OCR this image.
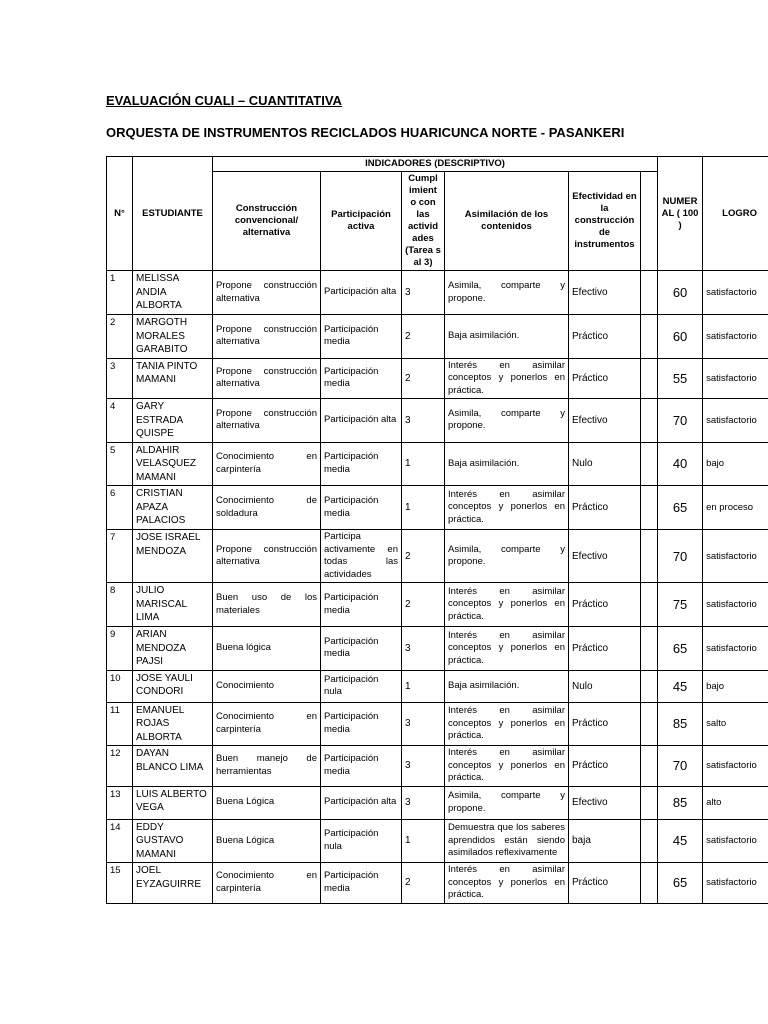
EVALUACIÓN CUALI – CUANTITATIVA
ORQUESTA DE INSTRUMENTOS RECICLADOS HUARICUNCA NORTE - PASANKERI
N°	ESTUDIANTE	INDICADORES (DESCRIPTIVO)						NUMER AL ( 100 )	LOGRO
		Construcción convencional/ alternativa	Participación activa	Cumpl imient o con las activid ades (Tarea s al 3)	Asimilación de los contenidos	Efectividad en la construcción de instrumentos			
1	MELISSA ANDIA ALBORTA	Propone construcción alternativa	Participación alta	3	Asimila, comparte y propone.	Efectivo		60	satisfactorio
2	MARGOTH MORALES GARABITO	Propone construcción alternativa	Participación media	2	Baja asimilación.	Práctico		60	satisfactorio
3	TANIA PINTO MAMANI	Propone construcción alternativa	Participación media	2	Interés en asimilar conceptos y ponerlos en práctica.	Práctico		55	satisfactorio
4	GARY ESTRADA QUISPE	Propone construcción alternativa	Participación alta	3	Asimila, comparte y propone.	Efectivo		70	satisfactorio
5	ALDAHIR VELASQUEZ MAMANI	Conocimiento en carpintería	Participación media	1	Baja asimilación.	Nulo		40	bajo
6	CRISTIAN APAZA PALACIOS	Conocimiento de soldadura	Participación media	1	Interés en asimilar conceptos y ponerlos en práctica.	Práctico		65	en proceso
7	JOSE ISRAEL MENDOZA	Propone construcción alternativa	Participa activamente en todas las actividades	2	Asimila, comparte y propone.	Efectivo		70	satisfactorio
8	JULIO MARISCAL LIMA	Buen uso de los materiales	Participación media	2	Interés en asimilar conceptos y ponerlos en práctica.	Práctico		75	satisfactorio
9	ARIAN MENDOZA PAJSI	Buena lógica	Participación media	3	Interés en asimilar conceptos y ponerlos en práctica.	Práctico		65	satisfactorio
10	JOSE YAULI CONDORI	Conocimiento	Participación nula	1	Baja asimilación.	Nulo		45	bajo
11	EMANUEL ROJAS ALBORTA	Conocimiento en carpintería	Participación media	3	Interés en asimilar conceptos y ponerlos en práctica.	Práctico		85	salto
12	DAYAN BLANCO LIMA	Buen manejo de herramientas	Participación media	3	Interés en asimilar conceptos y ponerlos en práctica.	Práctico		70	satisfactorio
13	LUIS ALBERTO VEGA	Buena Lógica	Participación alta	3	Asimila, comparte y propone.	Efectivo		85	alto
14	EDDY GUSTAVO MAMANI	Buena Lógica	Participación nula	1	Demuestra que los saberes aprendidos están siendo asimilados reflexivamente	baja		45	satisfactorio
15	JOEL EYZAGUIRRE	Conocimiento en carpintería	Participación media	2	Interés en asimilar conceptos y ponerlos en práctica.	Práctico		65	satisfactorio
